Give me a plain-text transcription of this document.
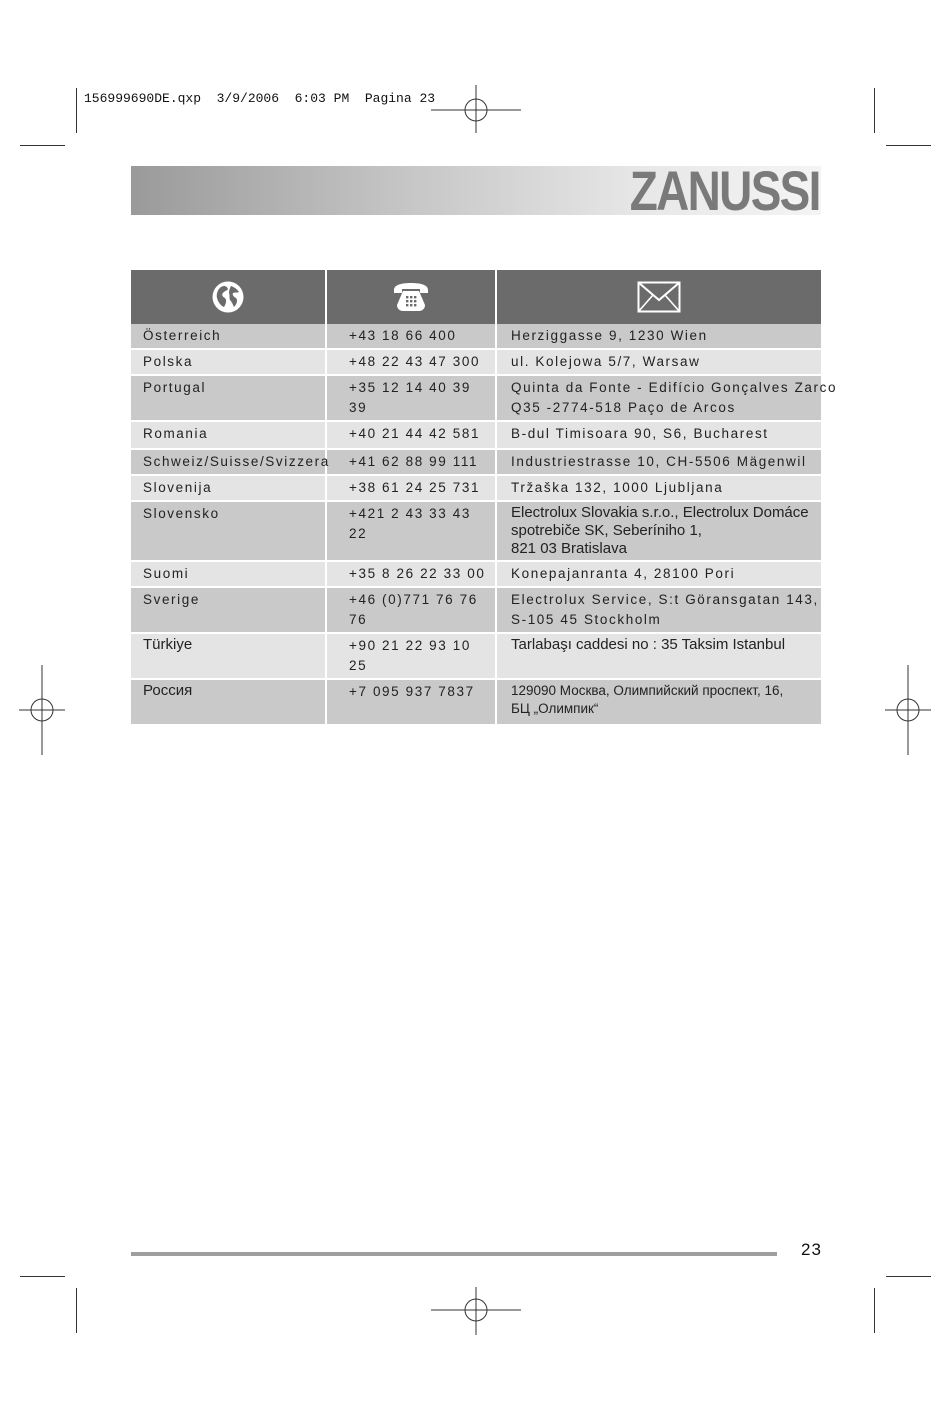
156999690DE.qxp  3/9/2006  6:03 PM  Pagina 23
ZANUSSI

Österreich	+43 18 66 400	Herziggasse 9, 1230 Wien

Polska	+48 22 43 47 300	ul. Kolejowa 5/7, Warsaw

Portugal	+35 12 14 40 39 39	Quinta da Fonte - Edifício Gonçalves Zarco
Q35 -2774-518 Paço de Arcos

Romania	+40 21 44 42 581	B-dul Timisoara 90, S6, Bucharest

Schweiz/Suisse/Svizzera	+41 62 88 99 111	Industriestrasse 10, CH-5506 Mägenwil

Slovenija	+38 61 24 25 731	Tržaška 132, 1000 Ljubljana

Slovensko	+421 2 43 33 43 22	Electrolux Slovakia s.r.o., Electrolux Domáce
spotrebiče SK, Seberíniho 1,
821 03 Bratislava

Suomi	+35 8 26 22 33 00	Konepajanranta 4, 28100 Pori

Sverige	+46 (0)771 76 76 76	Electrolux Service, S:t Göransgatan 143,
S-105 45 Stockholm

Türkiye	+90 21 22 93 10 25	Tarlabaşı caddesi no : 35 Taksim Istanbul

Россия	+7 095 937 7837	129090 Москва, Олимпийский проспект, 16,
БЦ „Олимпик“
23
